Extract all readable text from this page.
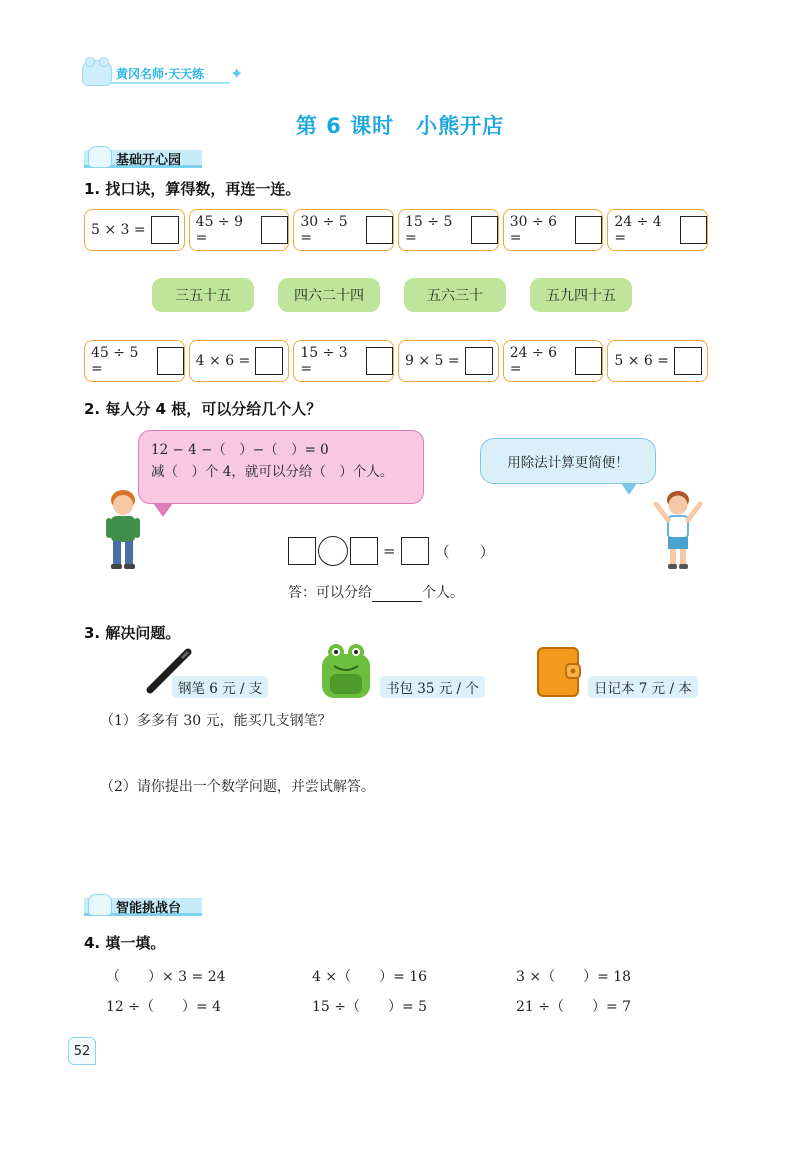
黄冈名师·天天练 ✦
第 6 课时　小熊开店
基础开心园
1. 找口诀，算得数，再连一连。
5 × 3 =	45 ÷ 9 =
30 ÷ 5 =
15 ÷ 5 =
30 ÷ 6 =
24 ÷ 4 =
三五十五	四六二十四	五六三十	五九四十五
45 ÷ 5 =	4 × 6 =	15 ÷ 3 =	9 × 5 =	24 ÷ 6 =	5 × 6 =
2. 每人分 4 根，可以分给几个人？
12 − 4 −（　）−（　）= 0
减（　）个 4，就可以分给（　）个人。
用除法计算更简便！
=	（　　）
答：可以分给	个人。
3. 解决问题。
钢笔 6 元 / 支	书包 35 元 / 个	日记本 7 元 / 本
（1）多多有 30 元，能买几支钢笔？
（2）请你提出一个数学问题，并尝试解答。
智能挑战台
4. 填一填。
（　　）× 3 = 24	4 ×（　　）= 16	3 ×（　　）= 18
12 ÷（　　）= 4	15 ÷（　　）= 5	21 ÷（　　）= 7
52
